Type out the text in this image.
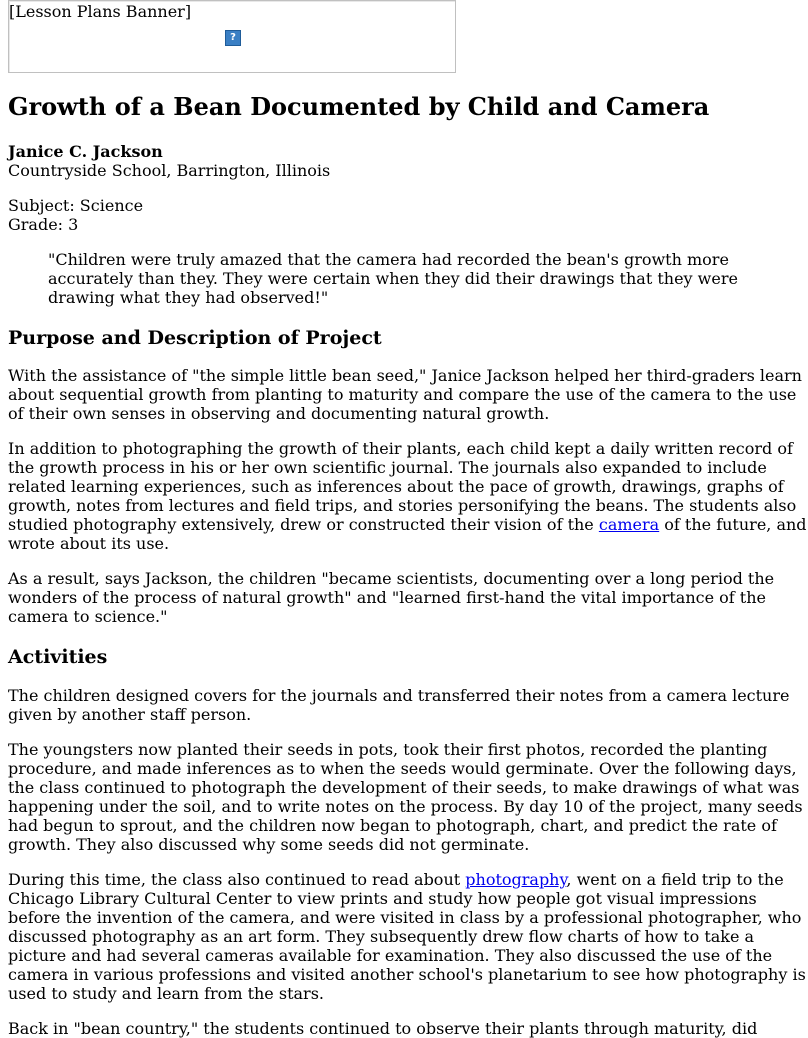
[Lesson Plans Banner]
?
Growth of a Bean Documented by Child and Camera
Janice C. Jackson
Countryside School, Barrington, Illinois
Subject: Science
Grade: 3
"Children were truly amazed that the camera had recorded the bean's growth more
accurately than they. They were certain when they did their drawings that they were
drawing what they had observed!"
Purpose and Description of Project

With the assistance of "the simple little bean seed," Janice Jackson helped her third-graders learn
about sequential growth from planting to maturity and compare the use of the camera to the use
of their own senses in observing and documenting natural growth.

In addition to photographing the growth of their plants, each child kept a daily written record of
the growth process in his or her own scientific journal. The journals also expanded to include
related learning experiences, such as inferences about the pace of growth, drawings, graphs of
growth, notes from lectures and field trips, and stories personifying the beans. The students also
studied photography extensively, drew or constructed their vision of the camera of the future, and
wrote about its use.

As a result, says Jackson, the children "became scientists, documenting over a long period the
wonders of the process of natural growth" and "learned first-hand the vital importance of the
camera to science."

Activities

The children designed covers for the journals and transferred their notes from a camera lecture
given by another staff person.

The youngsters now planted their seeds in pots, took their first photos, recorded the planting
procedure, and made inferences as to when the seeds would germinate. Over the following days,
the class continued to photograph the development of their seeds, to make drawings of what was
happening under the soil, and to write notes on the process. By day 10 of the project, many seeds
had begun to sprout, and the children now began to photograph, chart, and predict the rate of
growth. They also discussed why some seeds did not germinate.

During this time, the class also continued to read about photography, went on a field trip to the
Chicago Library Cultural Center to view prints and study how people got visual impressions
before the invention of the camera, and were visited in class by a professional photographer, who
discussed photography as an art form. They subsequently drew flow charts of how to take a
picture and had several cameras available for examination. They also discussed the use of the
camera in various professions and visited another school's planetarium to see how photography is
used to study and learn from the stars.

Back in "bean country," the students continued to observe their plants through maturity, did
